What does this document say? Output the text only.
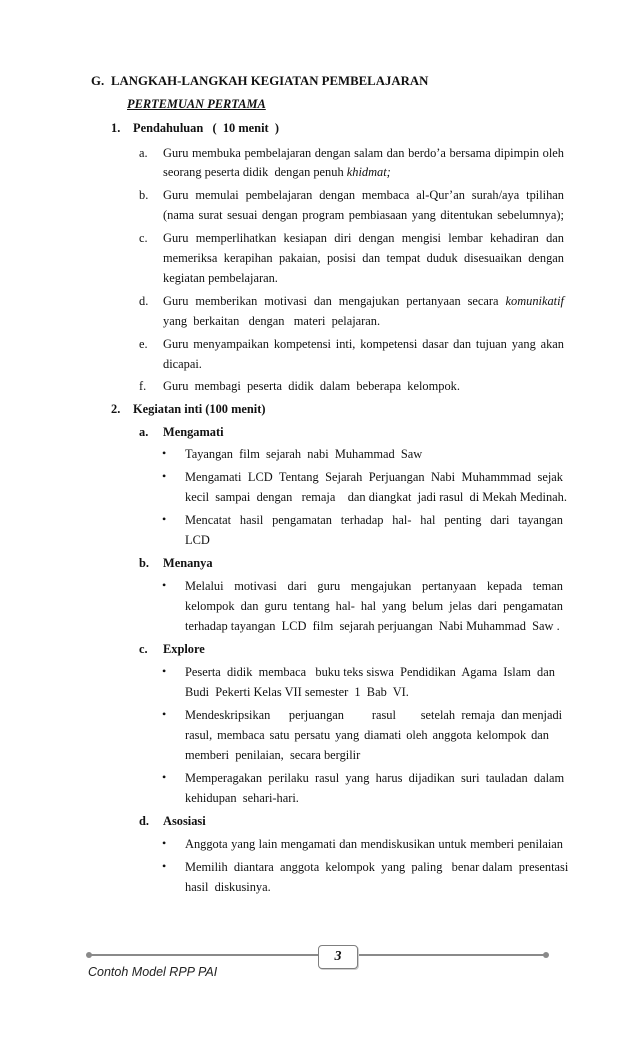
G. LANGKAH-LANGKAH KEGIATAN PEMBELAJARAN
PERTEMUAN PERTAMA
1. Pendahuluan   (  10 menit  )
a. Guru membuka pembelajaran dengan salam dan berdo’a bersama dipimpin oleh
seorang peserta didik  dengan penuh khidmat;
b. Guru memulai pembelajaran dengan membaca al-Qur’an surah/aya tpilihan
(nama surat sesuai dengan program pembiasaan yang ditentukan sebelumnya);
c. Guru memperlihatkan kesiapan diri dengan mengisi lembar kehadiran dan
memeriksa kerapihan pakaian, posisi dan tempat duduk disesuaikan dengan
kegiatan pembelajaran.
d. Guru memberikan motivasi dan mengajukan pertanyaan secara komunikatif
yang  berkaitan   dengan   materi  pelajaran.
e. Guru menyampaikan kompetensi inti, kompetensi dasar dan tujuan yang akan
dicapai.
f. Guru  membagi  peserta  didik  dalam  beberapa  kelompok.
2. Kegiatan inti (100 menit)
a. Mengamati
• Tayangan  film  sejarah  nabi  Muhammad  Saw
• Mengamati LCD Tentang Sejarah Perjuangan Nabi Muhammmad sejak
kecil  sampai  dengan   remaja    dan diangkat  jadi rasul  di Mekah Medinah.
• Mencatat hasil pengamatan terhadap hal- hal penting dari tayangan
LCD
b. Menanya
• Melalui motivasi dari guru mengajukan pertanyaan kepada teman
kelompok dan guru tentang hal- hal yang belum jelas dari pengamatan
terhadap tayangan  LCD  film  sejarah perjuangan  Nabi Muhammad  Saw .
c. Explore
• Peserta  didik  membaca   buku teks siswa  Pendidikan  Agama  Islam  dan
Budi  Pekerti Kelas VII semester  1  Bab  VI.
• Mendeskripsikan      perjuangan         rasul        setelah  remaja  dan menjadi
rasul, membaca satu persatu yang diamati oleh anggota kelompok dan
memberi  penilaian,  secara bergilir
• Memperagakan  perilaku  rasul  yang  harus  dijadikan  suri  tauladan  dalam
kehidupan  sehari-hari.
d. Asosiasi
• Anggota yang lain mengamati dan mendiskusikan untuk memberi penilaian
• Memilih  diantara  anggota  kelompok  yang  paling   benar dalam  presentasi
hasil  diskusinya.
3
Contoh Model RPP PAI
